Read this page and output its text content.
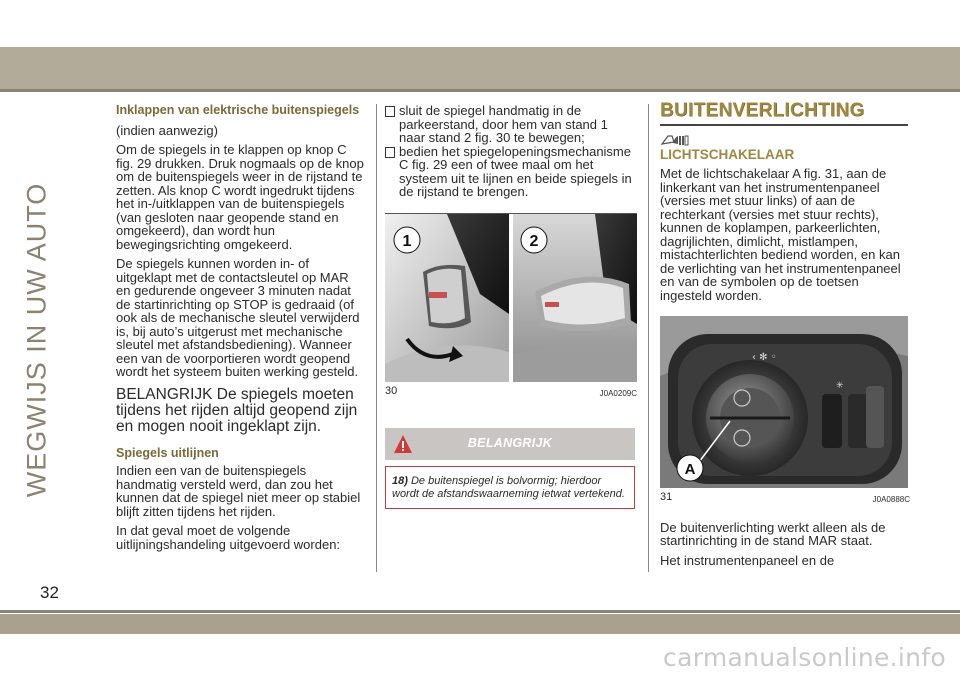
WEGWIJS IN UW AUTO

Inklappen van elektrische buitenspiegels

(indien aanwezig)

Om de spiegels in te klappen op knop C fig. 29 drukken. Druk nogmaals op de knop om de buitenspiegels weer in de rijstand te zetten. Als knop C wordt ingedrukt tijdens het in-/uitklappen van de buitenspiegels (van gesloten naar geopende stand en omgekeerd), dan wordt hun bewegingsrichting omgekeerd.

De spiegels kunnen worden in- of uitgeklapt met de contactsleutel op MAR en gedurende ongeveer 3 minuten nadat de startinrichting op STOP is gedraaid (of ook als de mechanische sleutel verwijderd is, bij auto’s uitgerust met mechanische sleutel met afstandsbediening). Wanneer een van de voorportieren wordt geopend wordt het systeem buiten werking gesteld.

BELANGRIJK De spiegels moeten tijdens het rijden altijd geopend zijn en mogen nooit ingeklapt zijn.

Spiegels uitlijnen

Indien een van de buitenspiegels handmatig versteld werd, dan zou het kunnen dat de spiegel niet meer op stabiel blijft zitten tijdens het rijden.

In dat geval moet de volgende uitlijningshandeling uitgevoerd worden:

sluit de spiegel handmatig in de parkeerstand, door hem van stand 1 naar stand 2 fig. 30 te bewegen;
bedien het spiegelopeningsmechanisme C fig. 29 een of twee maal om het systeem uit te lijnen en beide spiegels in de rijstand te brengen.
1	2
30	J0A0209C
BELANGRIJK
18) De buitenspiegel is bolvormig; hierdoor wordt de afstandswaarneming ietwat vertekend.

BUITENVERLICHTING

LICHTSCHAKELAAR

Met de lichtschakelaar A fig. 31, aan de linkerkant van het instrumentenpaneel (versies met stuur links) of aan de rechterkant (versies met stuur rechts), kunnen de koplampen, parkeerlichten, dagrijlichten, dimlicht, mistlampen, mistachterlichten bediend worden, en kan de verlichting van het instrumentenpaneel en van de symbolen op de toetsen ingesteld worden.

‹ ✻ ◦
✳
A
31	J0A0888C

De buitenverlichting werkt alleen als de startinrichting in de stand MAR staat.

Het instrumentenpaneel en de

32
carmanualsonline.info
